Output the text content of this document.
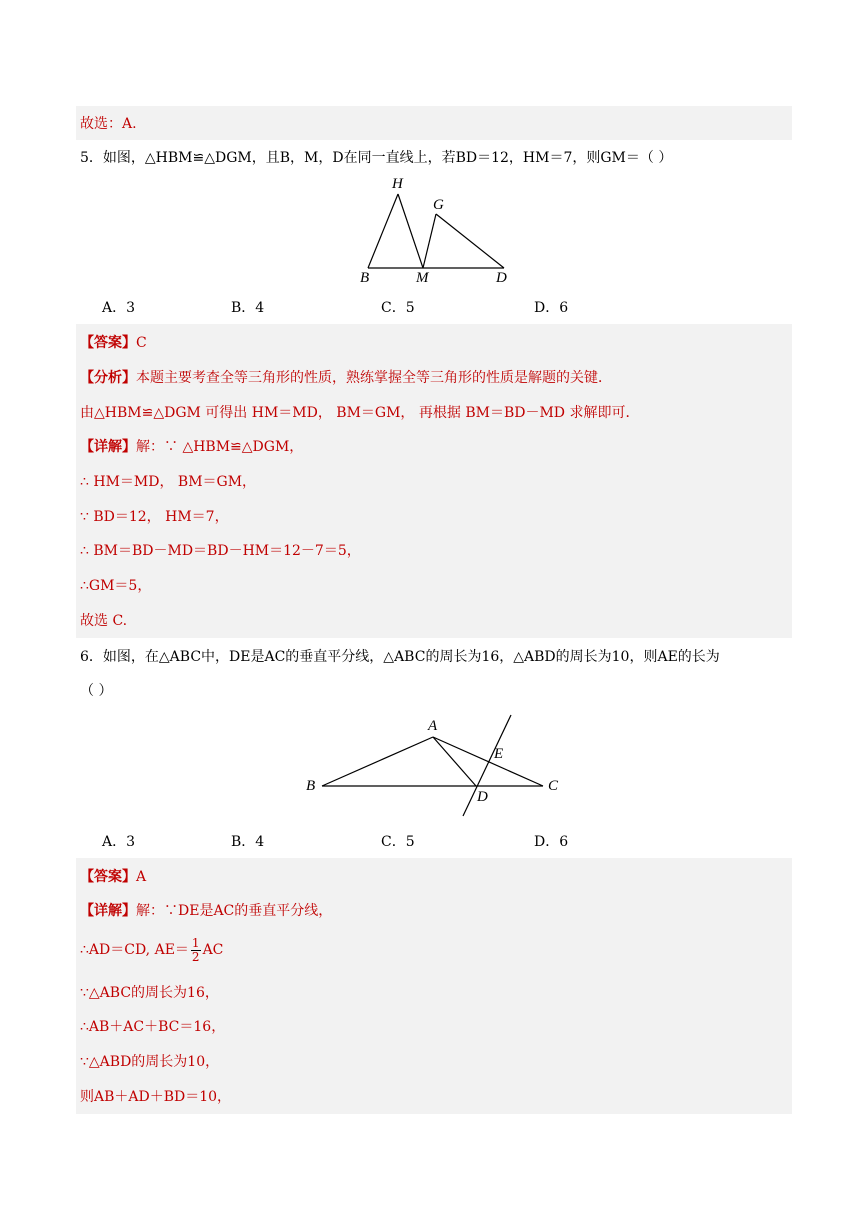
故选：A.
5．如图，△HBM≌△DGM，且B，M，D在同一直线上，若BD＝12，HM＝7，则GM＝（ ）
H
G
B	M	D
A．3	B．4	C．5	D．6
【答案】C
【分析】本题主要考查全等三角形的性质，熟练掌握全等三角形的性质是解题的关键．
由△HBM≌△DGM 可得出 HM＝MD， BM＝GM， 再根据 BM＝BD－MD 求解即可．
【详解】解：∵ △HBM≌△DGM，
∴ HM＝MD， BM＝GM，
∵ BD＝12， HM＝7，
∴ BM＝BD－MD＝BD－HM＝12－7＝5，
∴GM＝5，
故选 C.
6．如图，在△ABC中，DE是AC的垂直平分线，△ABC的周长为16，△ABD的周长为10，则AE的长为
（ ）
A
E
B
D
C
A．3	B．4	C．5	D．6
【答案】A
【详解】解：∵DE是AC的垂直平分线，
∴AD＝CD, $AE= \frac{1}{2}$ AC
∵△ABC的周长为16，
∴AB＋AC＋BC＝16，
∵△ABD的周长为10，
则AB＋AD＋BD＝10，
